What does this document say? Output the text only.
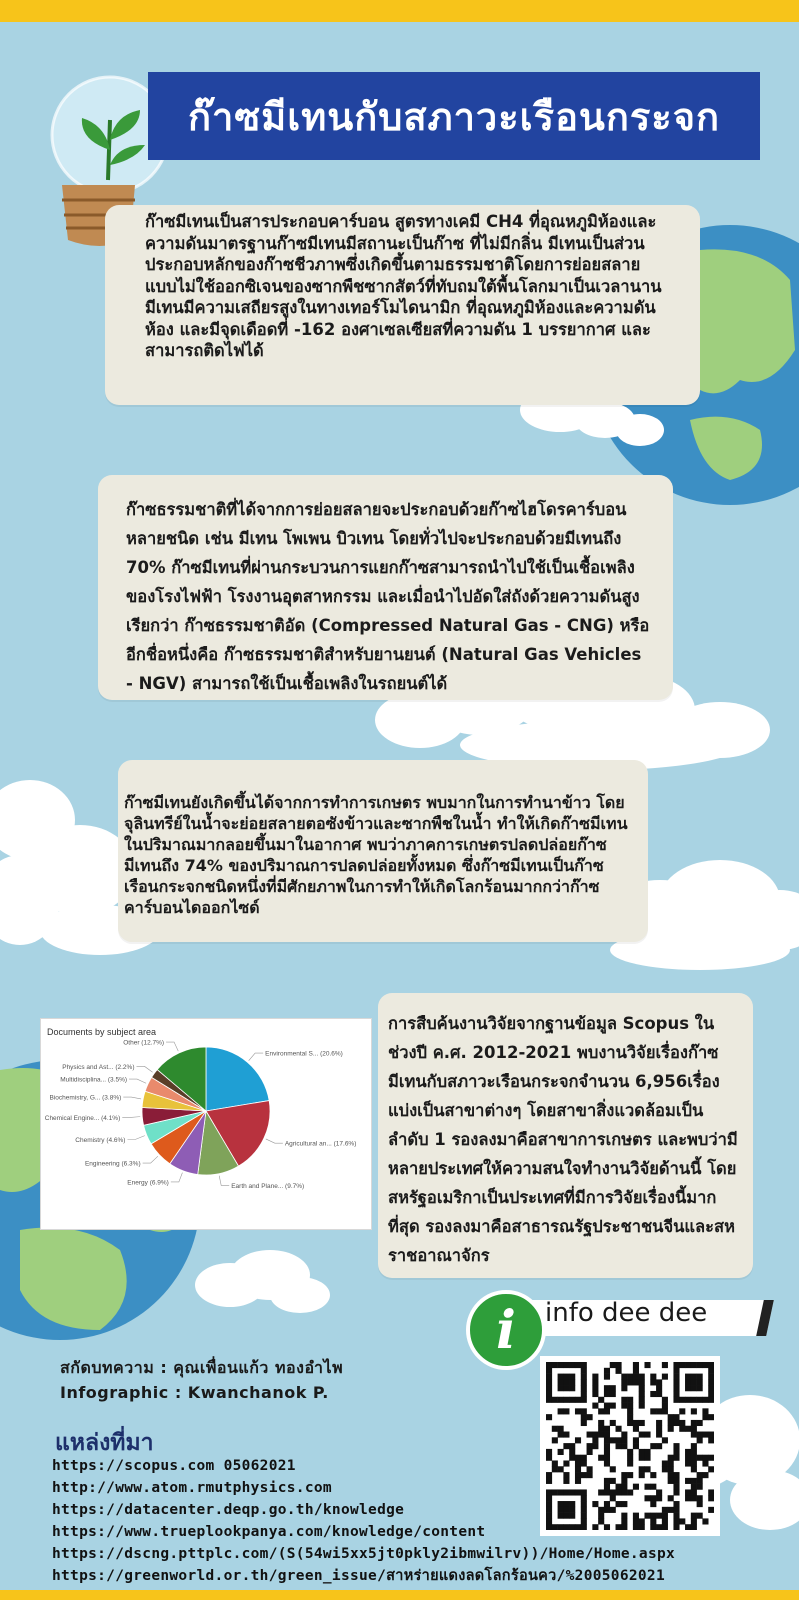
ก๊าซมีเทนกับสภาวะเรือนกระจก

ก๊าซมีเทนเป็นสารประกอบคาร์บอน สูตรทางเคมี CH4 ที่อุณหภูมิห้องและความดันมาตรฐานก๊าซมีเทนมีสถานะเป็นก๊าซ ที่ไม่มีกลิ่น มีเทนเป็นส่วนประกอบหลักของก๊าซชีวภาพซึ่งเกิดขึ้นตามธรรมชาติโดยการย่อยสลายแบบไม่ใช้ออกซิเจนของซากพืชซากสัตว์ที่ทับถมใต้พื้นโลกมาเป็นเวลานาน มีเทนมีความเสถียรสูงในทางเทอร์โมไดนามิก ที่อุณหภูมิห้องและความดันห้อง และมีจุดเดือดที่ -162 องศาเซลเซียสที่ความดัน 1 บรรยากาศ และสามารถติดไฟได้

ก๊าซธรรมชาติที่ได้จากการย่อยสลายจะประกอบด้วยก๊าซไฮโดรคาร์บอนหลายชนิด เช่น มีเทน โพเพน บิวเทน โดยทั่วไปจะประกอบด้วยมีเทนถึง 70% ก๊าซมีเทนที่ผ่านกระบวนการแยกก๊าซสามารถนำไปใช้เป็นเชื้อเพลิงของโรงไฟฟ้า โรงงานอุตสาหกรรม และเมื่อนำไปอัดใส่ถังด้วยความดันสูง เรียกว่า ก๊าซธรรมชาติอัด (Compressed Natural Gas - CNG) หรืออีกชื่อหนึ่งคือ ก๊าซธรรมชาติสำหรับยานยนต์ (Natural Gas Vehicles - NGV) สามารถใช้เป็นเชื้อเพลิงในรถยนต์ได้

ก๊าซมีเทนยังเกิดขึ้นได้จากการทำการเกษตร พบมากในการทำนาข้าว โดยจุลินทรีย์ในน้ำจะย่อยสลายตอซังข้าวและซากพืชในน้ำ ทำให้เกิดก๊าซมีเทนในปริมาณมากลอยขึ้นมาในอากาศ พบว่าภาคการเกษตรปลดปล่อยก๊าซมีเทนถึง 74% ของปริมาณการปลดปล่อยทั้งหมด ซึ่งก๊าซมีเทนเป็นก๊าซเรือนกระจกชนิดหนึ่งที่มีศักยภาพในการทำให้เกิดโลกร้อนมากกว่าก๊าซคาร์บอนไดออกไซด์

การสืบค้นงานวิจัยจากฐานข้อมูล Scopus ในช่วงปี ค.ศ. 2012-2021 พบงานวิจัยเรื่องก๊าซมีเทนกับสภาวะเรือนกระจกจำนวน 6,956เรื่อง แบ่งเป็นสาขาต่างๆ โดยสาขาสิ่งแวดล้อมเป็นลำดับ 1 รองลงมาคือสาขาการเกษตร และพบว่ามีหลายประเทศให้ความสนใจทำงานวิจัยด้านนี้ โดยสหรัฐอเมริกาเป็นประเทศที่มีการวิจัยเรื่องนี้มากที่สุด รองลงมาคือสาธารณรัฐประชาชนจีนและสหราชอาณาจักร

Documents by subject area
Environmental S... (20.6%)
Agricultural an... (17.6%)
Earth and Plane... (9.7%)
Energy (6.9%)
Engineering (6.3%)
Chemistry (4.6%)
Chemical Engine... (4.1%)
Biochemistry, G... (3.8%)
Multidisciplina... (3.5%)
Physics and Ast... (2.2%)
Other (12.7%)
info dee dee
i
สกัดบทความ : คุณเพื่อนแก้ว ทองอำไพ
Infographic : Kwanchanok P.
แหล่งที่มา
https://scopus.com 05062021
http://www.atom.rmutphysics.com
https://datacenter.deqp.go.th/knowledge
https://www.trueplookpanya.com/knowledge/content
https://dscng.pttplc.com/(S(54wi5xx5jt0pkly2ibmwilrv))/Home/Home.aspx
https://greenworld.or.th/green_issue/สาหร่ายแดงลดโลกร้อนคว/%2005062021
